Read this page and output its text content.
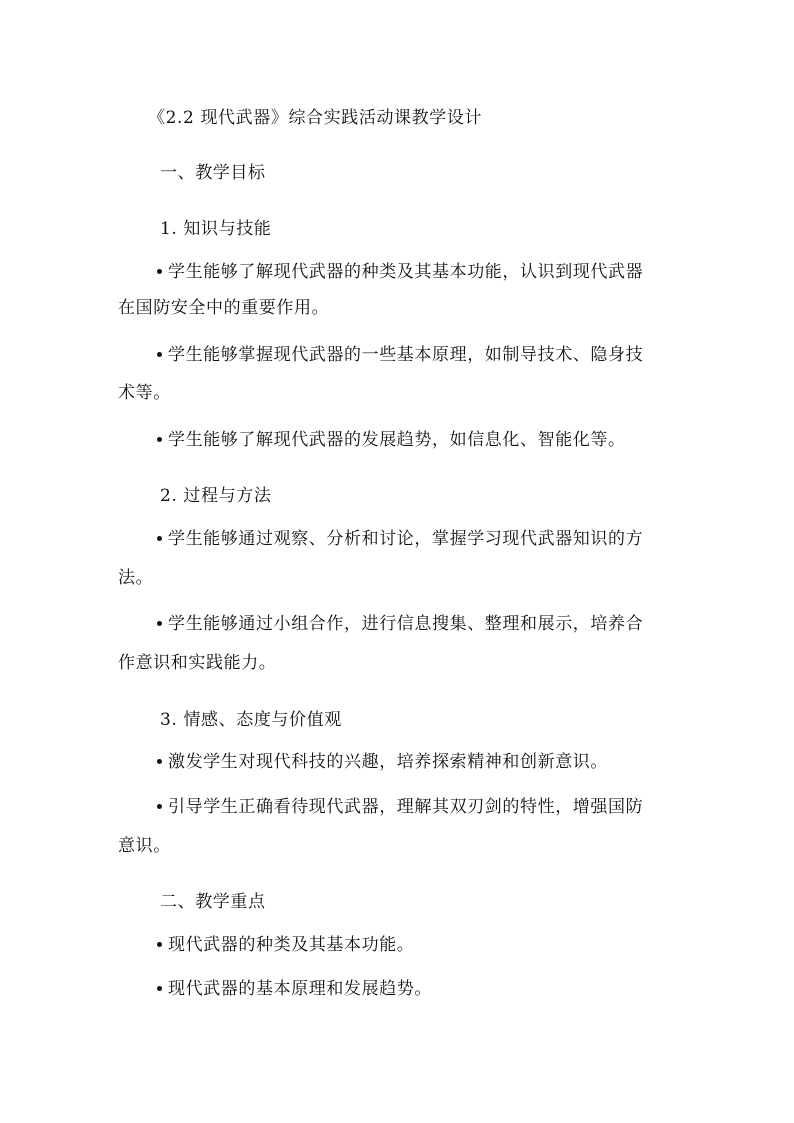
《2.2 现代武器》综合实践活动课教学设计
一、教学目标
1. 知识与技能
学生能够了解现代武器的种类及其基本功能，认识到现代武器
在国防安全中的重要作用。
学生能够掌握现代武器的一些基本原理，如制导技术、隐身技
术等。
学生能够了解现代武器的发展趋势，如信息化、智能化等。
2. 过程与方法
学生能够通过观察、分析和讨论，掌握学习现代武器知识的方
法。
学生能够通过小组合作，进行信息搜集、整理和展示，培养合
作意识和实践能力。
3. 情感、态度与价值观
激发学生对现代科技的兴趣，培养探索精神和创新意识。
引导学生正确看待现代武器，理解其双刃剑的特性，增强国防
意识。
二、教学重点
现代武器的种类及其基本功能。
现代武器的基本原理和发展趋势。
